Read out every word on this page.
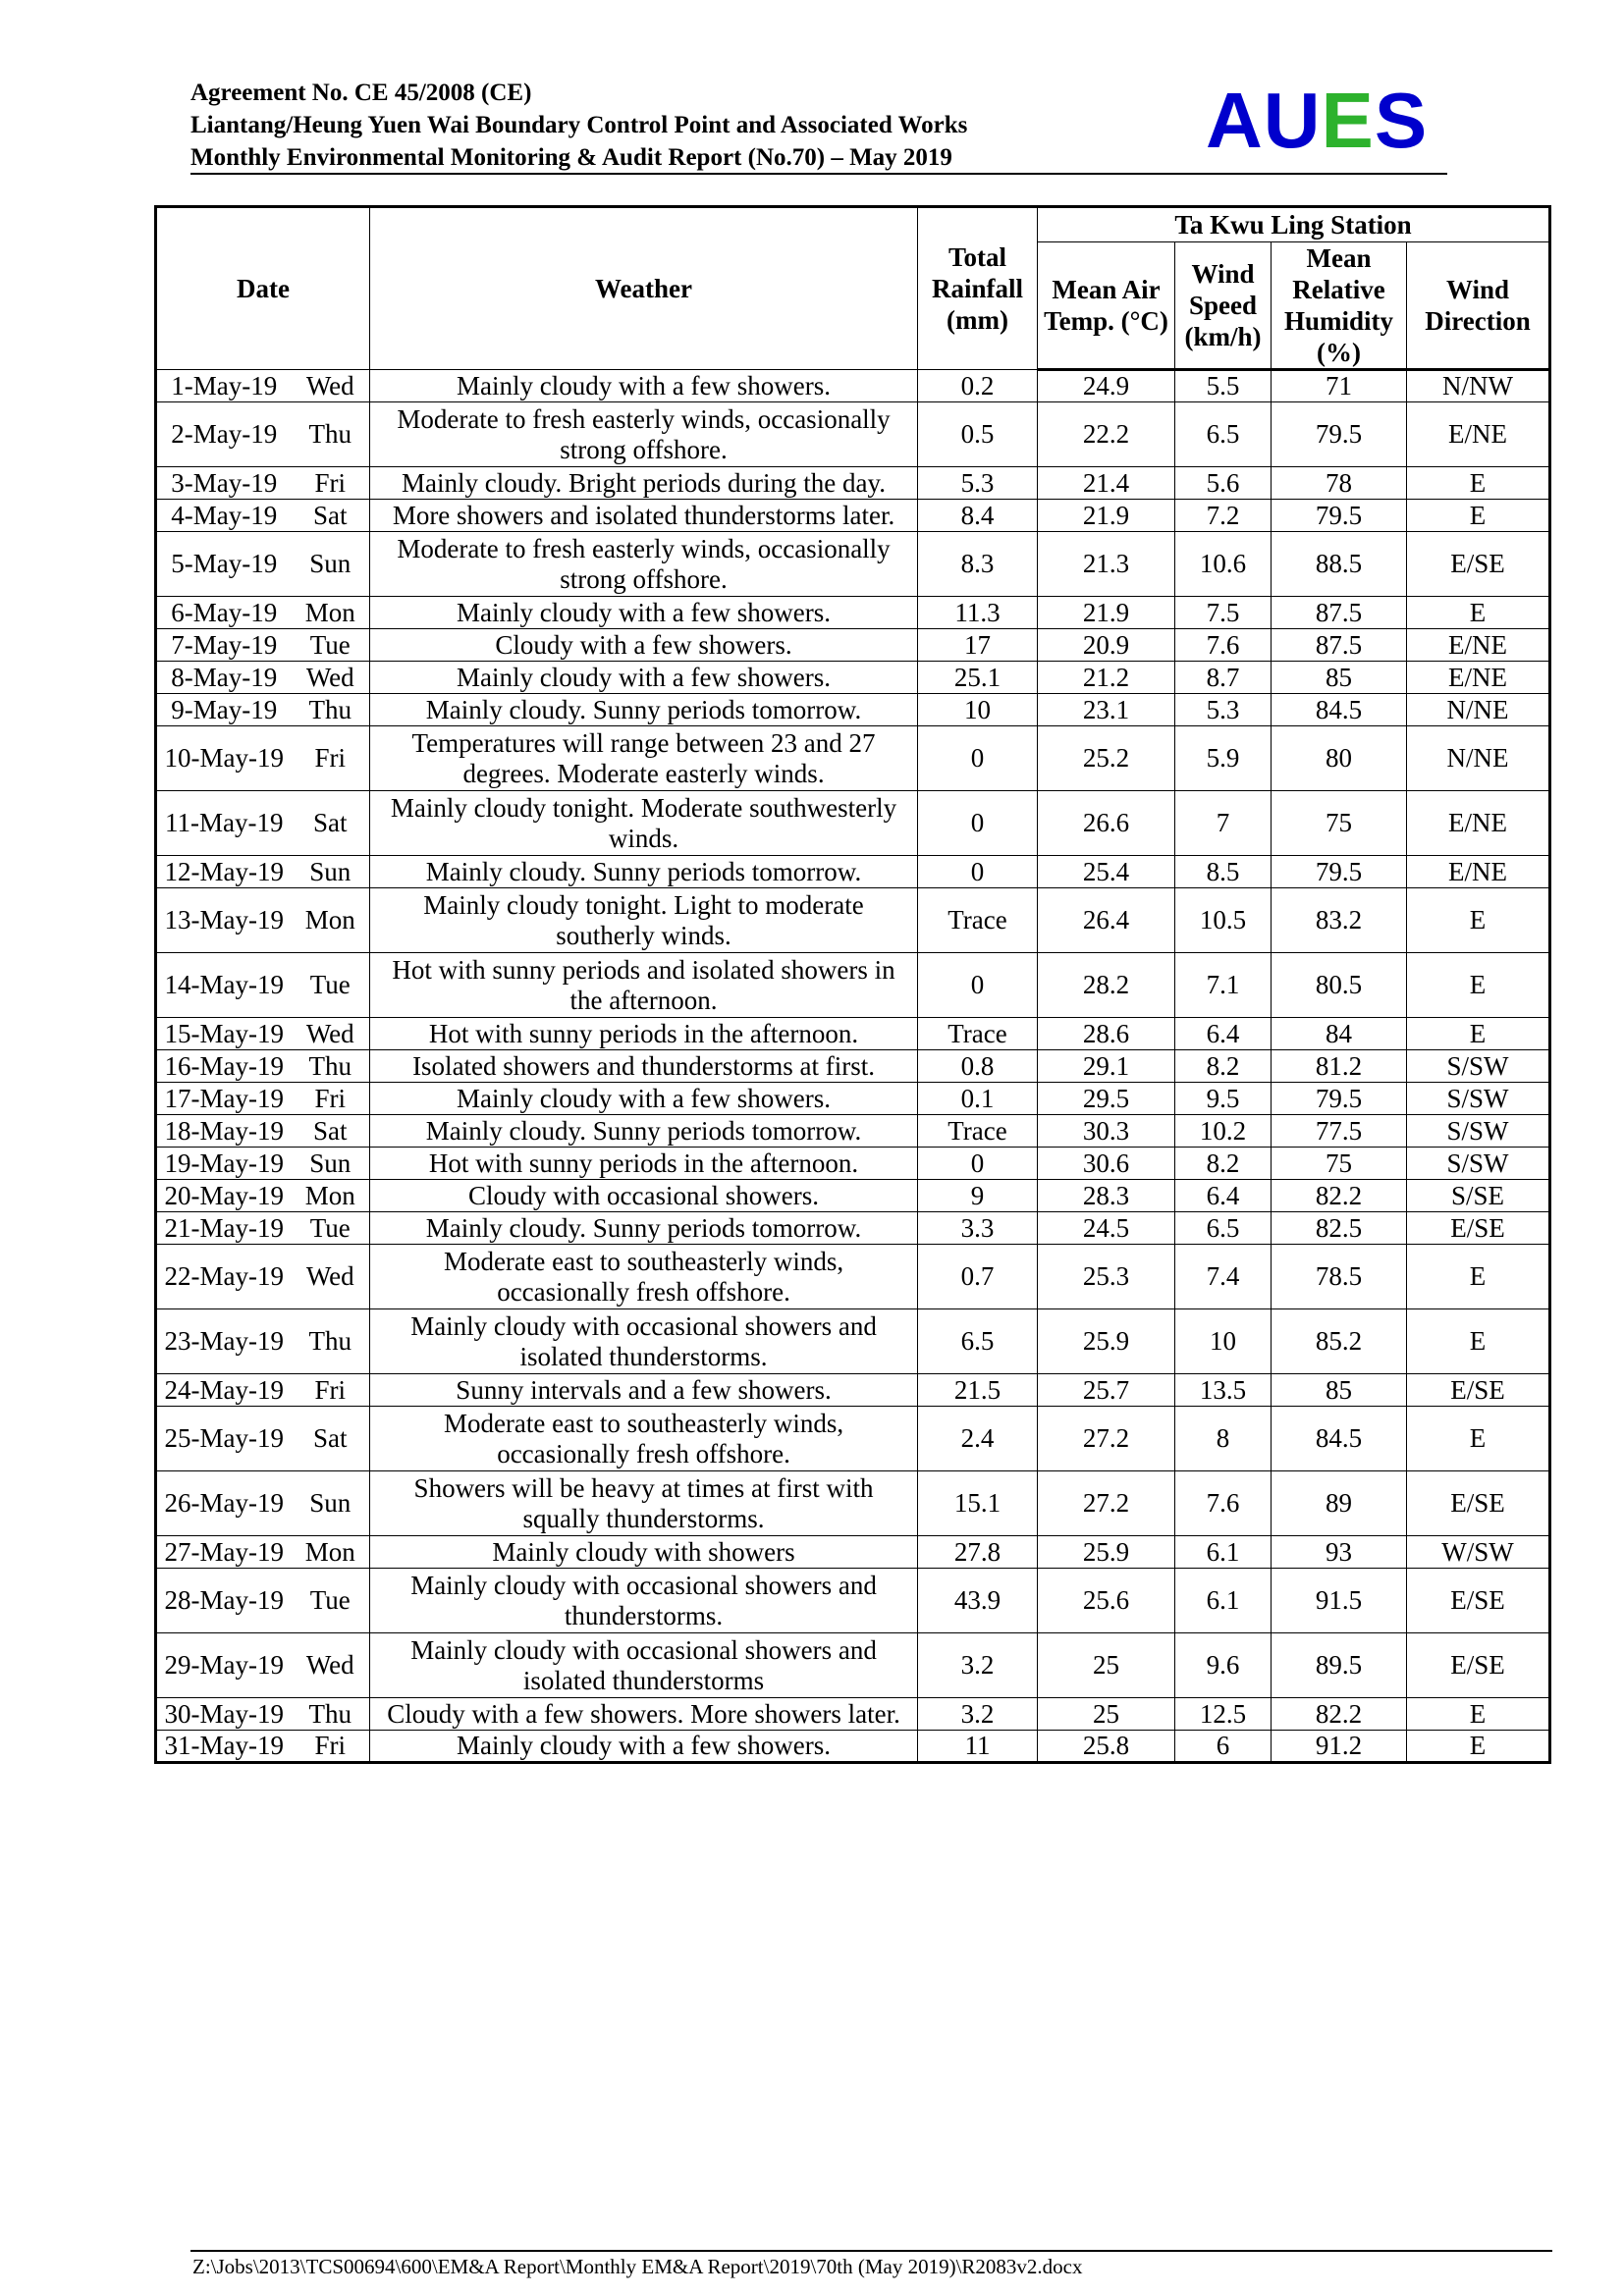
Agreement No. CE 45/2008 (CE)
Liantang/Heung Yuen Wai Boundary Control Point and Associated Works
Monthly Environmental Monitoring & Audit Report (No.70) – May 2019	AUES
Date		Weather	Total Rainfall (mm)	Ta Kwu Ling Station			
				Mean Air Temp. (°C)	Wind Speed (km/h)	Mean Relative Humidity (%)	Wind Direction
1-May-19	Wed	Mainly cloudy with a few showers.	0.2	24.9	5.5	71	N/NW
2-May-19	Thu	Moderate to fresh easterly winds, occasionally strong offshore.	0.5	22.2	6.5	79.5	E/NE
3-May-19	Fri	Mainly cloudy. Bright periods during the day.	5.3	21.4	5.6	78	E
4-May-19	Sat	More showers and isolated thunderstorms later.	8.4	21.9	7.2	79.5	E
5-May-19	Sun	Moderate to fresh easterly winds, occasionally strong offshore.	8.3	21.3	10.6	88.5	E/SE
6-May-19	Mon	Mainly cloudy with a few showers.	11.3	21.9	7.5	87.5	E
7-May-19	Tue	Cloudy with a few showers.	17	20.9	7.6	87.5	E/NE
8-May-19	Wed	Mainly cloudy with a few showers.	25.1	21.2	8.7	85	E/NE
9-May-19	Thu	Mainly cloudy. Sunny periods tomorrow.	10	23.1	5.3	84.5	N/NE
10-May-19	Fri	Temperatures will range between 23 and 27 degrees. Moderate easterly winds.	0	25.2	5.9	80	N/NE
11-May-19	Sat	Mainly cloudy tonight. Moderate southwesterly winds.	0	26.6	7	75	E/NE
12-May-19	Sun	Mainly cloudy. Sunny periods tomorrow.	0	25.4	8.5	79.5	E/NE
13-May-19	Mon	Mainly cloudy tonight. Light to moderate southerly winds.	Trace	26.4	10.5	83.2	E
14-May-19	Tue	Hot with sunny periods and isolated showers in the afternoon.	0	28.2	7.1	80.5	E
15-May-19	Wed	Hot with sunny periods in the afternoon.	Trace	28.6	6.4	84	E
16-May-19	Thu	Isolated showers and thunderstorms at first.	0.8	29.1	8.2	81.2	S/SW
17-May-19	Fri	Mainly cloudy with a few showers.	0.1	29.5	9.5	79.5	S/SW
18-May-19	Sat	Mainly cloudy. Sunny periods tomorrow.	Trace	30.3	10.2	77.5	S/SW
19-May-19	Sun	Hot with sunny periods in the afternoon.	0	30.6	8.2	75	S/SW
20-May-19	Mon	Cloudy with occasional showers.	9	28.3	6.4	82.2	S/SE
21-May-19	Tue	Mainly cloudy. Sunny periods tomorrow.	3.3	24.5	6.5	82.5	E/SE
22-May-19	Wed	Moderate east to southeasterly winds, occasionally fresh offshore.	0.7	25.3	7.4	78.5	E
23-May-19	Thu	Mainly cloudy with occasional showers and isolated thunderstorms.	6.5	25.9	10	85.2	E
24-May-19	Fri	Sunny intervals and a few showers.	21.5	25.7	13.5	85	E/SE
25-May-19	Sat	Moderate east to southeasterly winds, occasionally fresh offshore.	2.4	27.2	8	84.5	E
26-May-19	Sun	Showers will be heavy at times at first with squally thunderstorms.	15.1	27.2	7.6	89	E/SE
27-May-19	Mon	Mainly cloudy with showers	27.8	25.9	6.1	93	W/SW
28-May-19	Tue	Mainly cloudy with occasional showers and thunderstorms.	43.9	25.6	6.1	91.5	E/SE
29-May-19	Wed	Mainly cloudy with occasional showers and isolated thunderstorms	3.2	25	9.6	89.5	E/SE
30-May-19	Thu	Cloudy with a few showers. More showers later.	3.2	25	12.5	82.2	E
31-May-19	Fri	Mainly cloudy with a few showers.	11	25.8	6	91.2	E
Z:\Jobs\2013\TCS00694\600\EM&A Report\Monthly EM&A Report\2019\70th (May 2019)\R2083v2.docx
